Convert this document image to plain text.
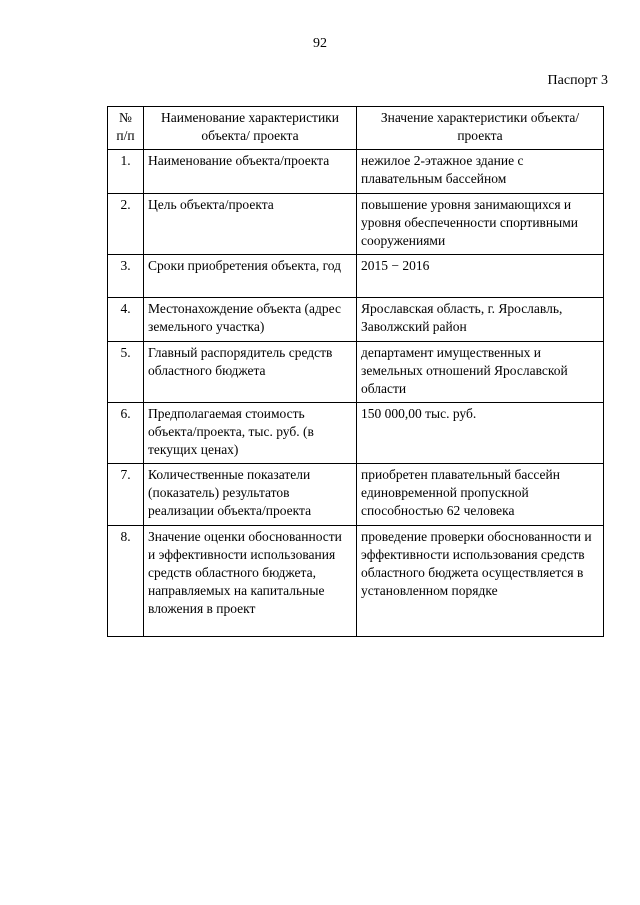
92
Паспорт 3
№ п/п	Наименование характеристики объекта/ проекта	Значение характеристики объекта/ проекта
1.	Наименование объекта/проекта	нежилое 2-этажное здание с плавательным бассейном
2.	Цель объекта/проекта	повышение уровня занимающихся и уровня обеспеченности спортивными сооружениями
3.	Сроки приобретения объекта, год	2015 − 2016
4.	Местонахождение объекта (адрес земельного участка)	Ярославская область, г. Ярославль, Заволжский район
5.	Главный распорядитель средств областного бюджета	департамент имущественных и земельных отношений Ярославской области
6.	Предполагаемая стоимость объекта/проекта, тыс. руб. (в текущих ценах)	150 000,00 тыс. руб.
7.	Количественные показатели (показатель) результатов реализации объекта/проекта	приобретен плавательный бассейн единовременной пропускной способностью 62 человека
8.	Значение оценки обоснованности и эффективности использования средств областного бюджета, направляемых на капитальные вложения в проект	проведение проверки обоснованности и эффективности использования средств областного бюджета осуществляется в установленном порядке
